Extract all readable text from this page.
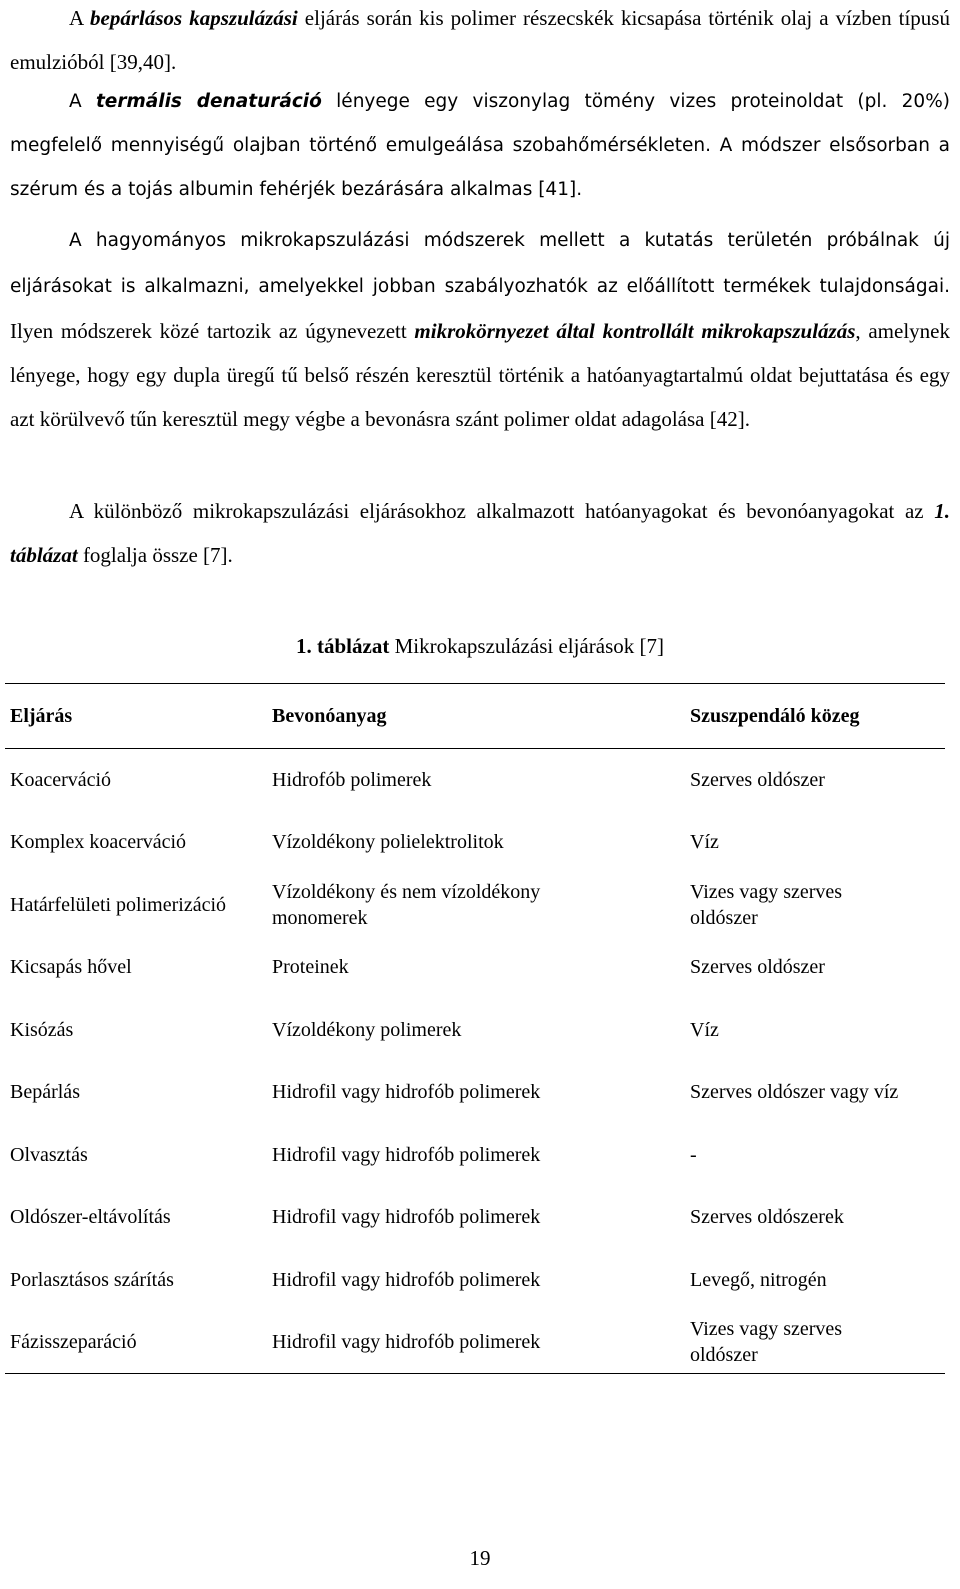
A bepárlásos kapszulázási eljárás során kis polimer részecskék kicsapása történik olaj a vízben típusú emulzióból [39,40].

A termális denaturáció lényege egy viszonylag tömény vizes proteinoldat (pl. 20%) megfelelő mennyiségű olajban történő emulgeálása szobahőmérsékleten. A módszer elsősorban a szérum és a tojás albumin fehérjék bezárására alkalmas [41].

A hagyományos mikrokapszulázási módszerek mellett a kutatás területén próbálnak új eljárásokat is alkalmazni, amelyekkel jobban szabályozhatók az előállított termékek tulajdonságai. Ilyen módszerek közé tartozik az úgynevezett mikrokörnyezet által kontrollált mikrokapszulázás, amelynek lényege, hogy egy dupla üregű tű belső részén keresztül történik a hatóanyagtartalmú oldat bejuttatása és egy azt körülvevő tűn keresztül megy végbe a bevonásra szánt polimer oldat adagolása [42].

A különböző mikrokapszulázási eljárásokhoz alkalmazott hatóanyagokat és bevonóanyagokat az 1. táblázat foglalja össze [7].

1. táblázat Mikrokapszulázási eljárások [7]
Eljárás	Bevonóanyag	Szuszpendáló közeg
Koacerváció	Hidrofób polimerek	Szerves oldószer
Komplex koacerváció	Vízoldékony polielektrolitok	Víz
Határfelületi polimerizáció	Vízoldékony és nem vízoldékony monomerek	Vizes vagy szerves oldószer
Kicsapás hővel	Proteinek	Szerves oldószer
Kisózás	Vízoldékony polimerek	Víz
Bepárlás	Hidrofil vagy hidrofób polimerek	Szerves oldószer vagy víz
Olvasztás	Hidrofil vagy hidrofób polimerek	-
Oldószer-eltávolítás	Hidrofil vagy hidrofób polimerek	Szerves oldószerek
Porlasztásos szárítás	Hidrofil vagy hidrofób polimerek	Levegő, nitrogén
Fázisszeparáció	Hidrofil vagy hidrofób polimerek	Vizes vagy szerves oldószer
19
